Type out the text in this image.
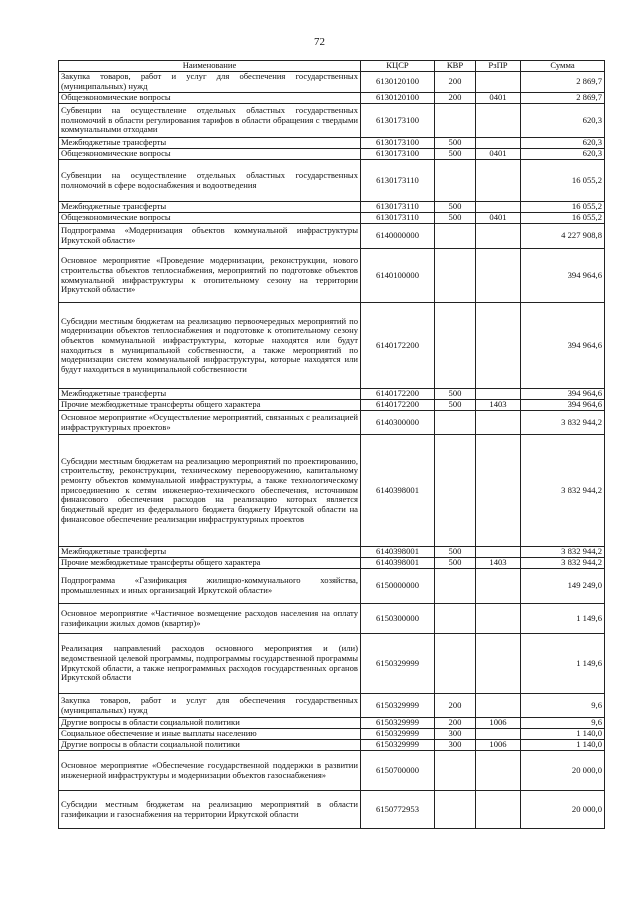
72
Наименование	КЦСР	КВР	РзПР	Сумма
Закупка товаров, работ и услуг для обеспечения государственных (муниципальных) нужд	6130120100	200		2 869,7
Общеэкономические вопросы	6130120100	200	0401	2 869,7
Субвенции на осуществление отдельных областных государственных полномочий в области регулирования тарифов в области обращения с твердыми коммунальными отходами	6130173100			620,3
Межбюджетные трансферты	6130173100	500		620,3
Общеэкономические вопросы	6130173100	500	0401	620,3
Субвенции на осуществление отдельных областных государственных полномочий в сфере водоснабжения и водоотведения	6130173110			16 055,2
Межбюджетные трансферты	6130173110	500		16 055,2
Общеэкономические вопросы	6130173110	500	0401	16 055,2
Подпрограмма «Модернизация объектов коммунальной инфраструктуры Иркутской области»	6140000000			4 227 908,8
Основное мероприятие «Проведение модернизации, реконструкции, нового строительства объектов теплоснабжения, мероприятий по подготовке объектов коммунальной инфраструктуры к отопительному сезону на территории Иркутской области»	6140100000			394 964,6
Субсидии местным бюджетам на реализацию первоочередных мероприятий по модернизации объектов теплоснабжения и подготовке к отопительному сезону объектов коммунальной инфраструктуры, которые находятся или будут находиться в муниципальной собственности, а также мероприятий по модернизации систем коммунальной инфраструктуры, которые находятся или будут находиться в муниципальной собственности	6140172200			394 964,6
Межбюджетные трансферты	6140172200	500		394 964,6
Прочие межбюджетные трансферты общего характера	6140172200	500	1403	394 964,6
Основное мероприятие «Осуществление мероприятий, связанных с реализацией инфраструктурных проектов»	6140300000			3 832 944,2
Субсидии местным бюджетам на реализацию мероприятий по проектированию, строительству, реконструкции, техническому перевооружению, капитальному ремонту объектов коммунальной инфраструктуры, а также технологическому присоединению к сетям инженерно-технического обеспечения, источником финансового обеспечения расходов на реализацию которых является бюджетный кредит из федерального бюджета бюджету Иркутской области на финансовое обеспечение реализации инфраструктурных проектов	6140398001			3 832 944,2
Межбюджетные трансферты	6140398001	500		3 832 944,2
Прочие межбюджетные трансферты общего характера	6140398001	500	1403	3 832 944,2
Подпрограмма «Газификация жилищно-коммунального хозяйства, промышленных и иных организаций Иркутской области»	6150000000			149 249,0
Основное мероприятие «Частичное возмещение расходов населения на оплату газификации жилых домов (квартир)»	6150300000			1 149,6
Реализация направлений расходов основного мероприятия и (или) ведомственной целевой программы, подпрограммы государственной программы Иркутской области, а также непрограммных расходов государственных органов Иркутской области	6150329999			1 149,6
Закупка товаров, работ и услуг для обеспечения государственных (муниципальных) нужд	6150329999	200		9,6
Другие вопросы в области социальной политики	6150329999	200	1006	9,6
Социальное обеспечение и иные выплаты населению	6150329999	300		1 140,0
Другие вопросы в области социальной политики	6150329999	300	1006	1 140,0
Основное мероприятие «Обеспечение государственной поддержки в развитии инженерной инфраструктуры и модернизации объектов газоснабжения»	6150700000			20 000,0
Субсидии местным бюджетам на реализацию мероприятий в области газификации и газоснабжения на территории Иркутской области	6150772953			20 000,0
